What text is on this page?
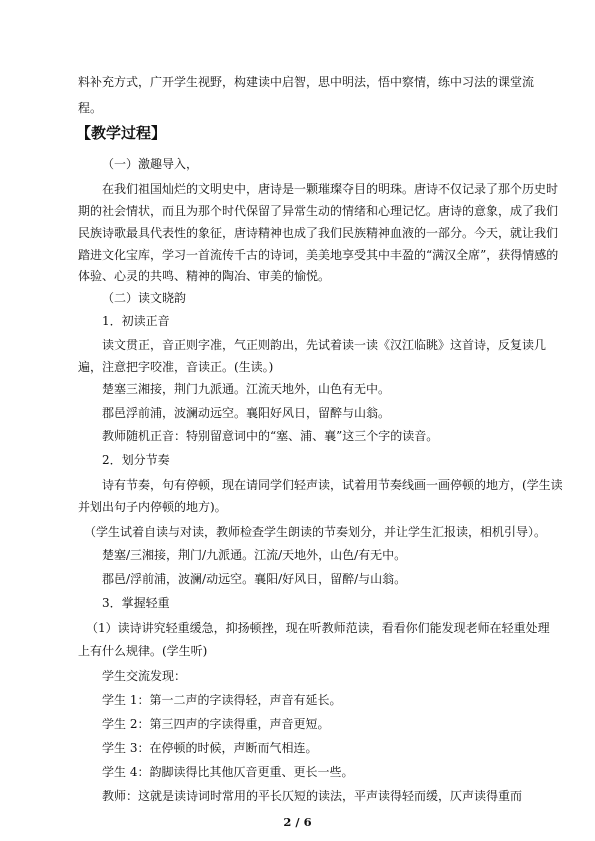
料补充方式，广开学生视野，构建读中启智，思中明法，悟中察情，练中习法的课堂流
程。
【教学过程】
（一）激趣导入，
在我们祖国灿烂的文明史中，唐诗是一颗璀璨夺目的明珠。唐诗不仅记录了那个历史时
期的社会情状，而且为那个时代保留了异常生动的情绪和心理记忆。唐诗的意象，成了我们
民族诗歌最具代表性的象征，唐诗精神也成了我们民族精神血液的一部分。今天，就让我们
踏进文化宝库，学习一首流传千古的诗词，美美地享受其中丰盈的“满汉全席”，获得情感的
体验、心灵的共鸣、精神的陶冶、审美的愉悦。
（二）读文晓韵
1．初读正音
读文贯正，音正则字准，气正则韵出，先试着读一读《汉江临眺》这首诗，反复读几
遍，注意把字咬准，音读正。(生读。)
楚塞三湘接，荆门九派通。江流天地外，山色有无中。
郡邑浮前浦，波澜动远空。襄阳好风日，留醉与山翁。
教师随机正音：特别留意词中的“塞、浦、襄”这三个字的读音。
2．划分节奏
诗有节奏，句有停顿，现在请同学们轻声读，试着用节奏线画一画停顿的地方，(学生读
并划出句子内停顿的地方)。
（学生试着自读与对读，教师检查学生朗读的节奏划分，并让学生汇报读，相机引导）。
楚塞/三湘接，荆门/九派通。江流/天地外，山色/有无中。
郡邑/浮前浦，波澜/动远空。襄阳/好风日，留醉/与山翁。
3．掌握轻重
（1）读诗讲究轻重缓急，抑扬顿挫，现在听教师范读，看看你们能发现老师在轻重处理
上有什么规律。(学生听)
学生交流发现：
学生 1：第一二声的字读得轻，声音有延长。
学生 2：第三四声的字读得重，声音更短。
学生 3：在停顿的时候，声断而气相连。
学生 4：韵脚读得比其他仄音更重、更长一些。
教师：这就是读诗词时常用的平长仄短的读法，平声读得轻而缓，仄声读得重而
2 / 6
